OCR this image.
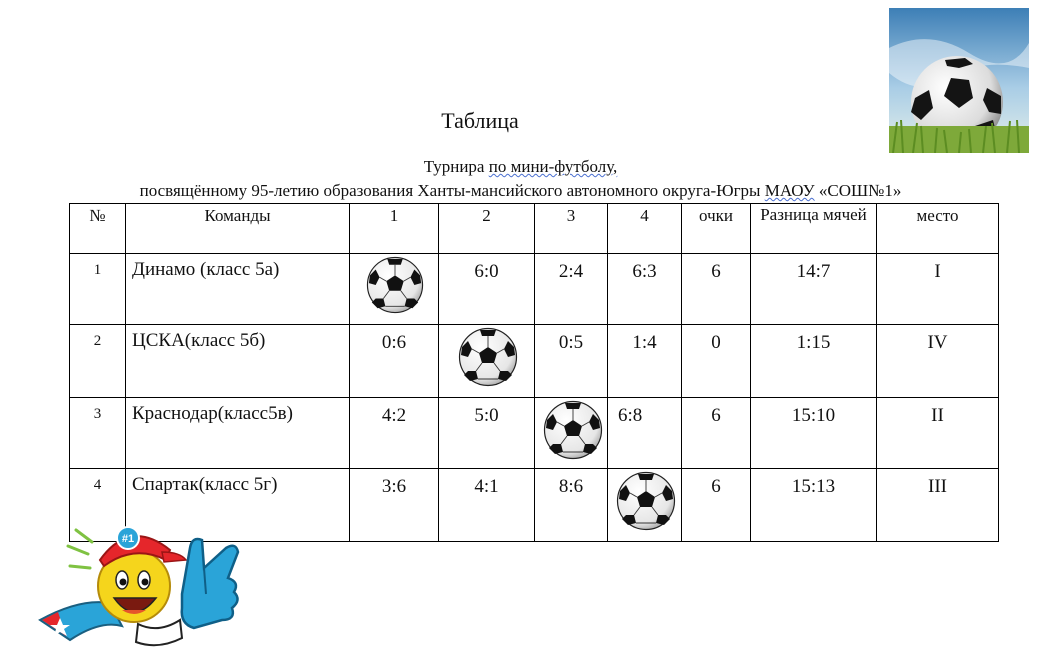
Таблица
Турнира по мини-футболу,
посвящённому 95-летию образования Ханты-мансийского автономного округа-Югры МАОУ «СОШ№1»
№	Команды	1	2	3	4	очки	Разница мячей	место
1	Динамо (класс 5а)		6:0	2:4	6:3	6	14:7	I

2	ЦСКА(класс 5б)	0:6		0:5	1:4	0	1:15	IV

3	Краснодар(класс5в)	4:2	5:0		6:8	6	15:10	II

4	Спартак(класс 5г)	3:6	4:1	8:6		6	15:13	III
#1
